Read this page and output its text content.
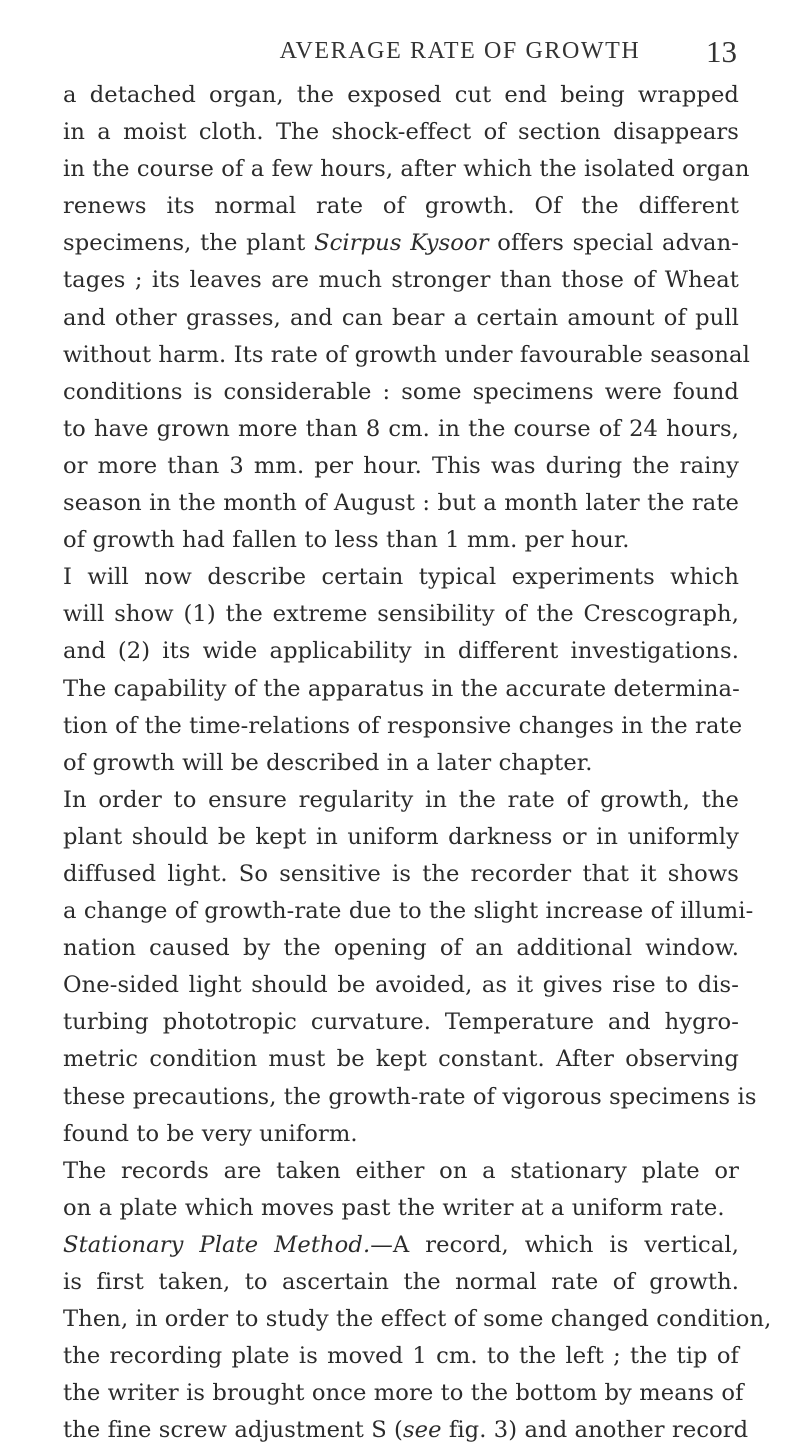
AVERAGE RATE OF GROWTH	13
a detached organ, the exposed cut end being wrapped
in a moist cloth. The shock-effect of section disappears
in the course of a few hours, after which the isolated organ
renews its normal rate of growth. Of the different
specimens, the plant Scirpus Kysoor offers special advan-
tages ; its leaves are much stronger than those of Wheat
and other grasses, and can bear a certain amount of pull
without harm. Its rate of growth under favourable seasonal
conditions is considerable : some specimens were found
to have grown more than 8 cm. in the course of 24 hours,
or more than 3 mm. per hour. This was during the rainy
season in the month of August : but a month later the rate
of growth had fallen to less than 1 mm. per hour.
I will now describe certain typical experiments which
will show (1) the extreme sensibility of the Crescograph,
and (2) its wide applicability in different investigations.
The capability of the apparatus in the accurate determina-
tion of the time-relations of responsive changes in the rate
of growth will be described in a later chapter.
In order to ensure regularity in the rate of growth, the
plant should be kept in uniform darkness or in uniformly
diffused light. So sensitive is the recorder that it shows
a change of growth-rate due to the slight increase of illumi-
nation caused by the opening of an additional window.
One-sided light should be avoided, as it gives rise to dis-
turbing phototropic curvature. Temperature and hygro-
metric condition must be kept constant. After observing
these precautions, the growth-rate of vigorous specimens is
found to be very uniform.
The records are taken either on a stationary plate or
on a plate which moves past the writer at a uniform rate.
Stationary Plate Method.—A record, which is vertical,
is first taken, to ascertain the normal rate of growth.
Then, in order to study the effect of some changed condition,
the recording plate is moved 1 cm. to the left ; the tip of
the writer is brought once more to the bottom by means of
the fine screw adjustment S (see fig. 3) and another record
